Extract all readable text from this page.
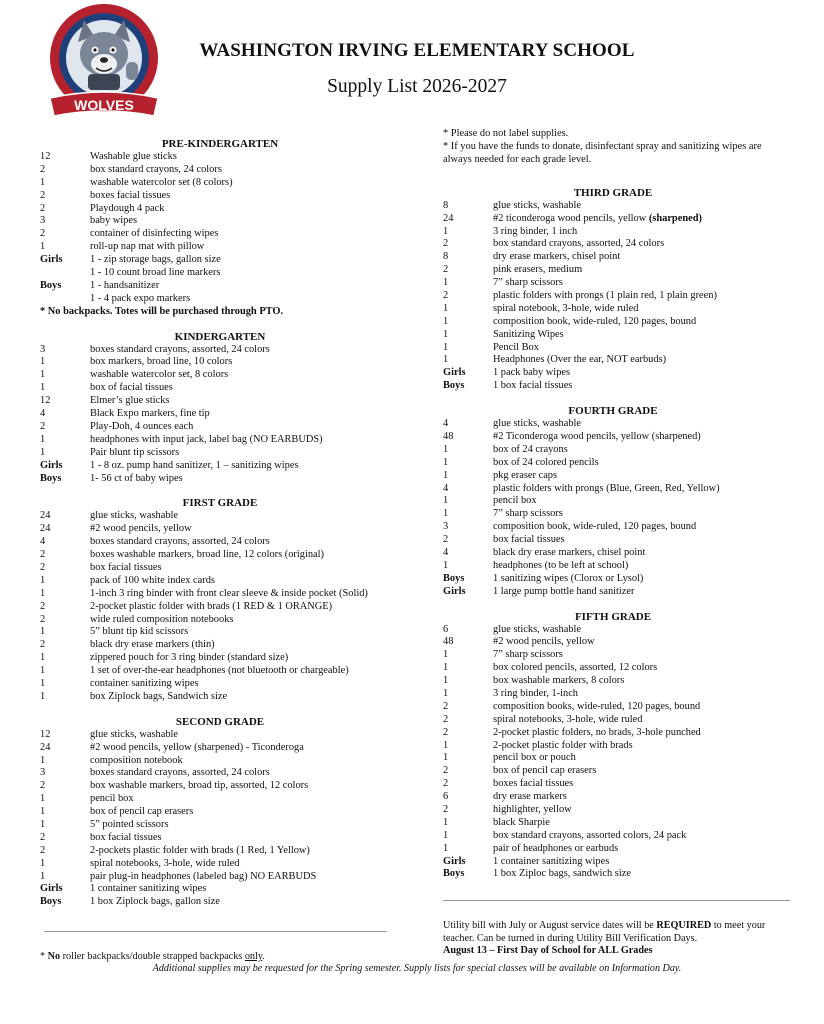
WOLVES
WASHINGTON IRVING ELEMENTARY SCHOOL
Supply List 2026-2027
PRE-KINDERGARTEN
12	Washable glue sticks
2	box standard crayons, 24 colors
1	washable watercolor set (8 colors)
2	boxes facial tissues
2	Playdough 4 pack
3	baby wipes
2	container of disinfecting wipes
1	roll-up nap mat with pillow
Girls	1 - zip storage bags, gallon size
1 - 10 count broad line markers
Boys	1 - handsanitizer
1 - 4 pack expo markers
* No backpacks. Totes will be purchased through PTO.
KINDERGARTEN
3	boxes standard crayons, assorted, 24 colors
1	box markers, broad line, 10 colors
1	washable watercolor set, 8 colors
1	box of facial tissues
12	Elmer’s glue sticks
4	Black Expo markers, fine tip
2	Play-Doh, 4 ounces each
1	headphones with input jack, label bag (NO EARBUDS)
1	Pair blunt tip scissors
Girls	1 - 8 oz. pump hand sanitizer, 1 – sanitizing wipes
Boys	1- 56 ct of baby wipes
FIRST GRADE
24	glue sticks, washable
24	#2 wood pencils, yellow
4	boxes standard crayons, assorted, 24 colors
2	boxes washable markers, broad line, 12 colors (original)
2	box facial tissues
1	pack of 100 white index cards
1	1-inch 3 ring binder with front clear sleeve & inside pocket (Solid)
2	2-pocket plastic folder with brads (1 RED & 1 ORANGE)
2	wide ruled composition notebooks
1	5” blunt tip kid scissors
2	black dry erase markers (thin)
1	zippered pouch for 3 ring binder (standard size)
1	1 set of over-the-ear headphones (not bluetooth or chargeable)
1	container sanitizing wipes
1	box Ziplock bags, Sandwich size
SECOND GRADE
12	glue sticks, washable
24	#2 wood pencils, yellow (sharpened) - Ticonderoga
1	composition notebook
3	boxes standard crayons, assorted, 24 colors
2	box washable markers, broad tip, assorted, 12 colors
1	pencil box
1	box of pencil cap erasers
1	5” pointed scissors
2	box facial tissues
2	2-pockets plastic folder with brads (1 Red, 1 Yellow)
1	spiral notebooks, 3-hole, wide ruled
1	pair plug-in headphones (labeled bag) NO EARBUDS
Girls	1 container sanitizing wipes
Boys	1 box Ziplock bags, gallon size
* Please do not label supplies.
* If you have the funds to donate, disinfectant spray and sanitizing wipes are
always needed for each grade level.
THIRD GRADE
8	glue sticks, washable
24	#2 ticonderoga wood pencils, yellow (sharpened)
1	3 ring binder, 1 inch
2	box standard crayons, assorted, 24 colors
8	dry erase markers, chisel point
2	pink erasers, medium
1	7” sharp scissors
2	plastic folders with prongs (1 plain red, 1 plain green)
1	spiral notebook, 3-hole, wide ruled
1	composition book, wide-ruled, 120 pages, bound
1	Sanitizing Wipes
1	Pencil Box
1	Headphones (Over the ear, NOT earbuds)
Girls	1 pack baby wipes
Boys	1 box facial tissues
FOURTH GRADE
4	glue sticks, washable
48	#2 Ticonderoga wood pencils, yellow (sharpened)
1	box of 24 crayons
1	box of 24 colored pencils
1	pkg eraser caps
4	plastic folders with prongs (Blue, Green, Red, Yellow)
1	pencil box
1	7” sharp scissors
3	composition book, wide-ruled, 120 pages, bound
2	box facial tissues
4	black dry erase markers, chisel point
1	headphones (to be left at school)
Boys	1 sanitizing wipes (Clorox or Lysol)
Girls	1 large pump bottle hand sanitizer
FIFTH GRADE
6	glue sticks, washable
48	#2 wood pencils, yellow
1	7” sharp scissors
1	box colored pencils, assorted, 12 colors
1	box washable markers, 8 colors
1	3 ring binder, 1-inch
2	composition books, wide-ruled, 120 pages, bound
2	spiral notebooks, 3-hole, wide ruled
2	2-pocket plastic folders, no brads, 3-hole punched
1	2-pocket plastic folder with brads
1	pencil box or pouch
2	box of pencil cap erasers
2	boxes facial tissues
6	dry erase markers
2	highlighter, yellow
1	black Sharpie
1	box standard crayons, assorted colors, 24 pack
1	pair of headphones or earbuds
Girls	1 container sanitizing wipes
Boys	1 box Ziploc bags, sandwich size
Utility bill with July or August service dates will be REQUIRED to meet your teacher. Can be turned in during Utility Bill Verification Days.
August 13 – First Day of School for ALL Grades
* No roller backpacks/double strapped backpacks only.
Additional supplies may be requested for the Spring semester. Supply lists for special classes will be available on Information Day.
